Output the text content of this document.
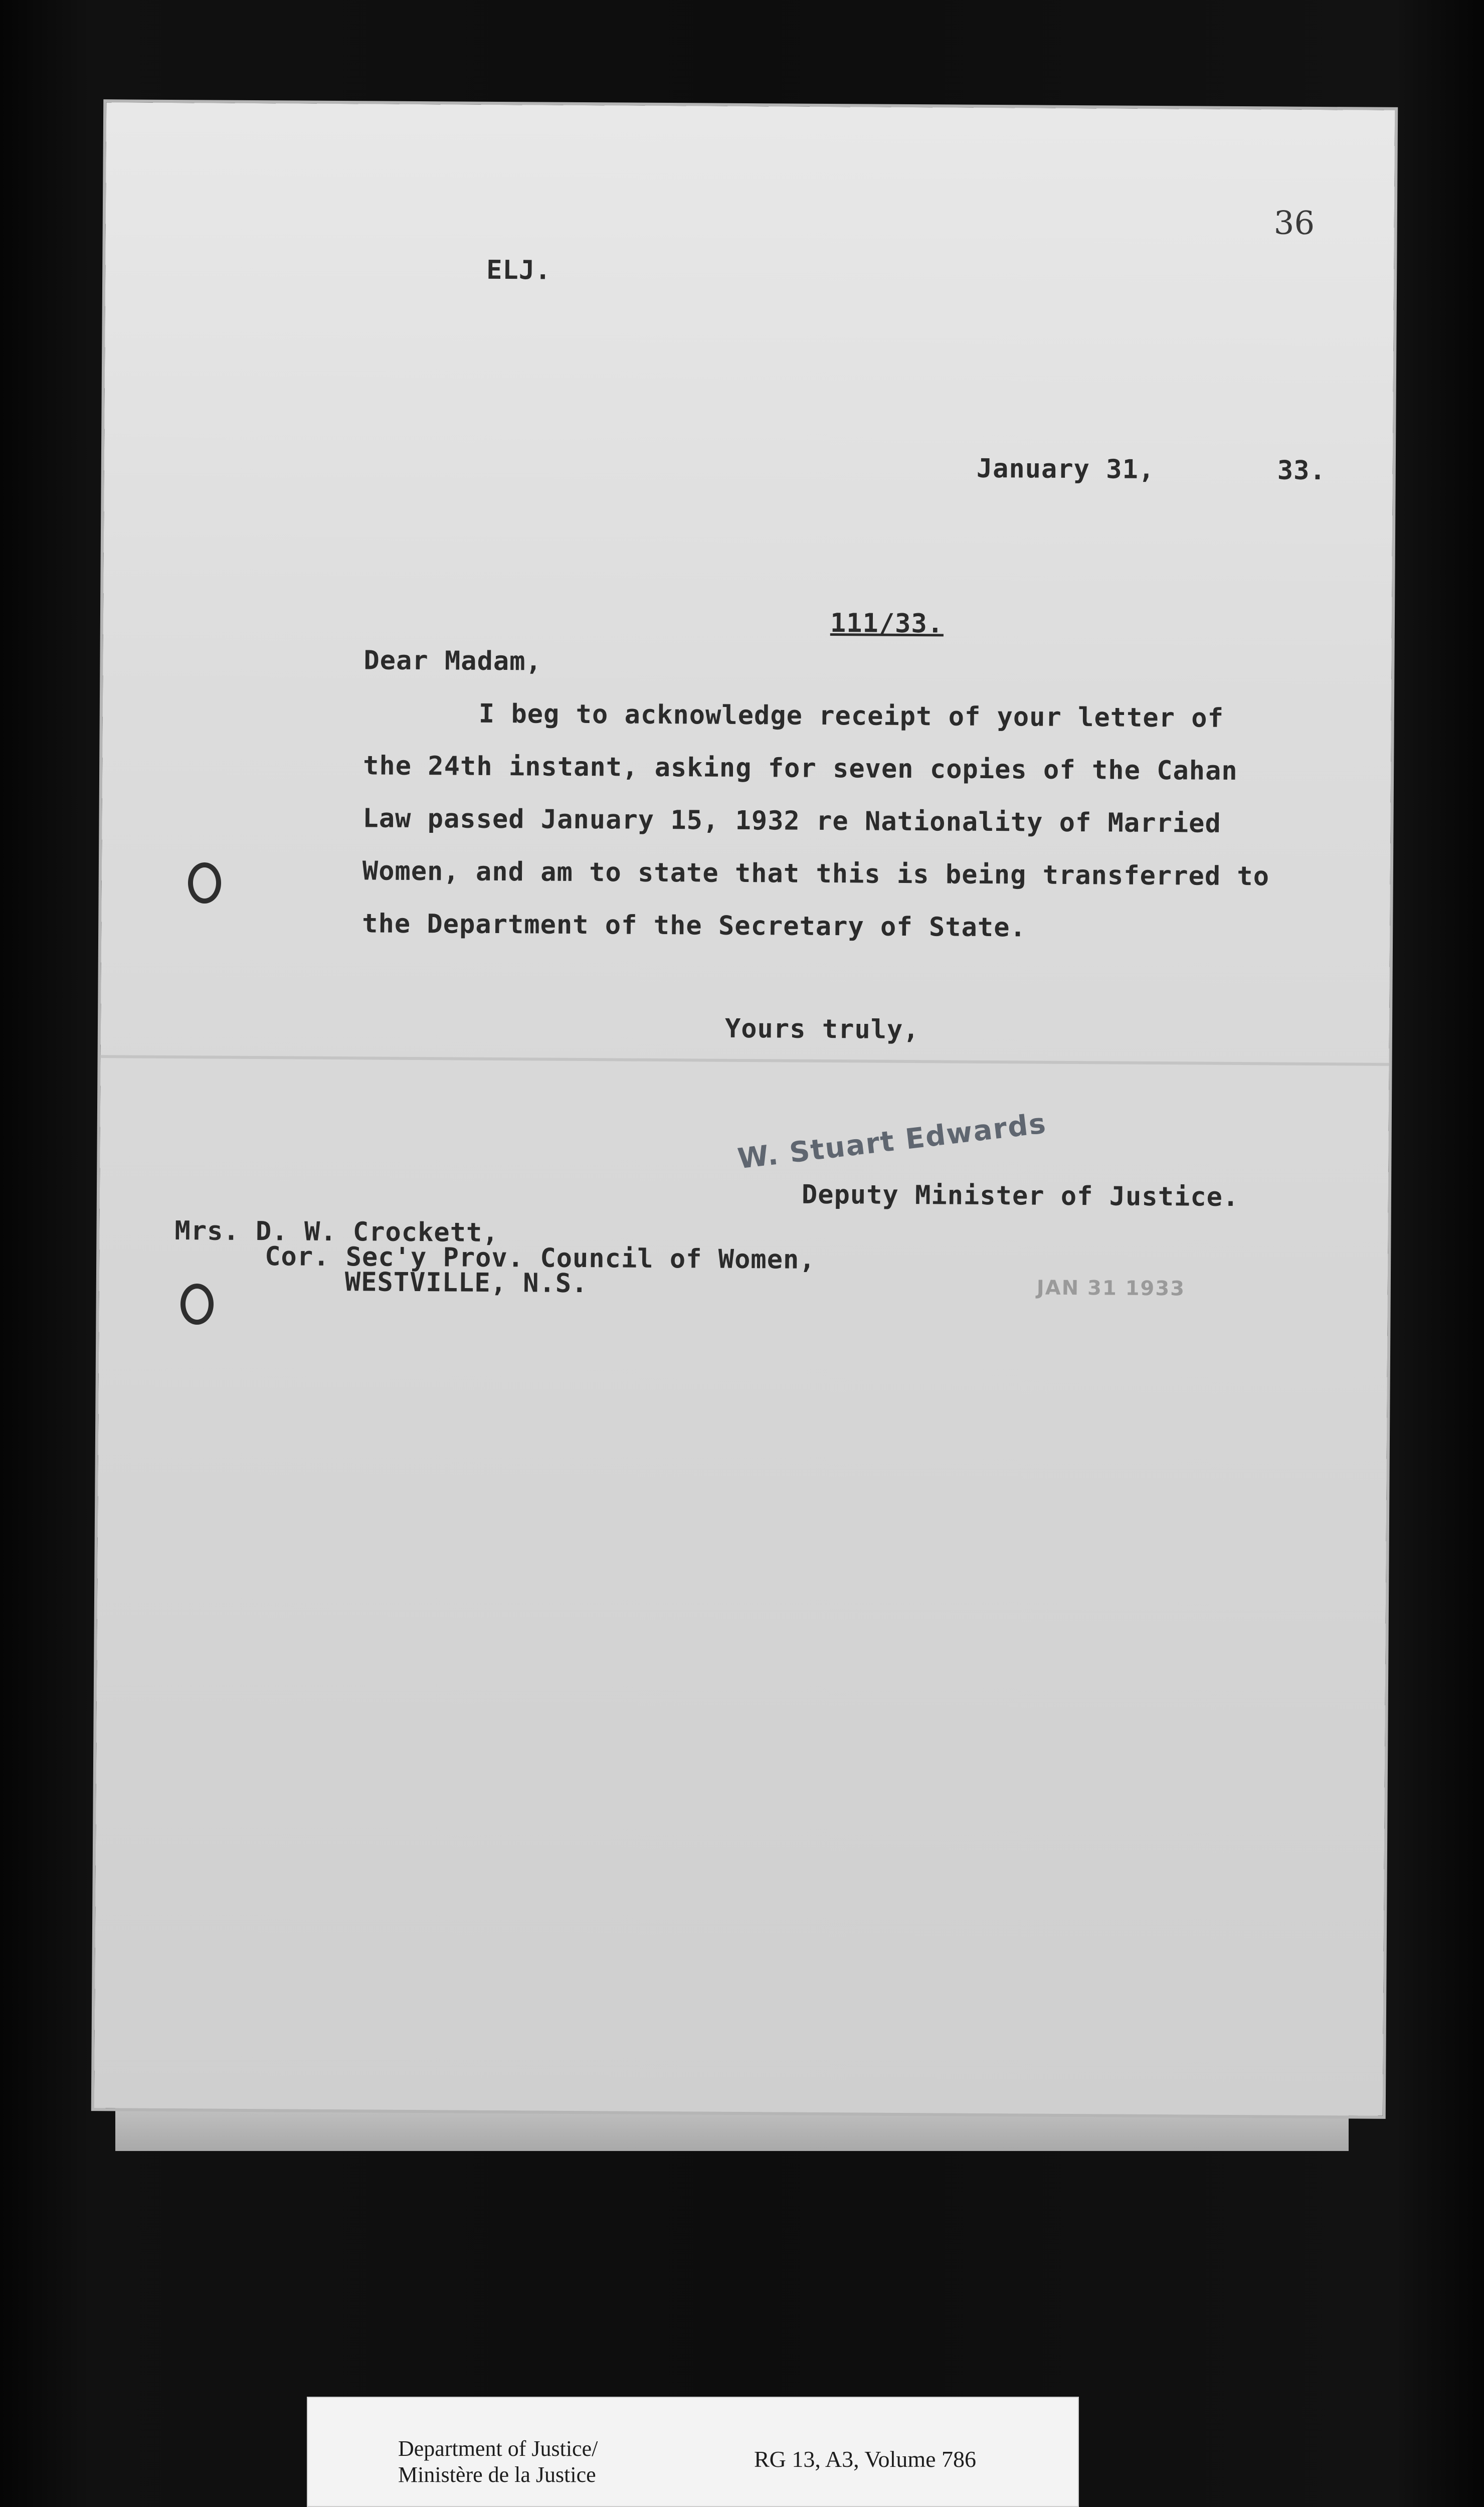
ELJ.
36
January 31,	33.
111/33.
Dear Madam,
I beg to acknowledge receipt of your letter of
the 24th instant, asking for seven copies of the Cahan
Law passed January 15, 1932 re Nationality of Married
Women, and am to state that this is being transferred to
the Department of the Secretary of State.
Yours truly,
W. Stuart Edwards
Deputy Minister of Justice.
Mrs. D. W. Crockett,
Cor. Sec'y Prov. Council of Women,
WESTVILLE, N.S.	JAN 31 1933
Department of Justice/
Ministère de la Justice
RG 13, A3, Volume 786
